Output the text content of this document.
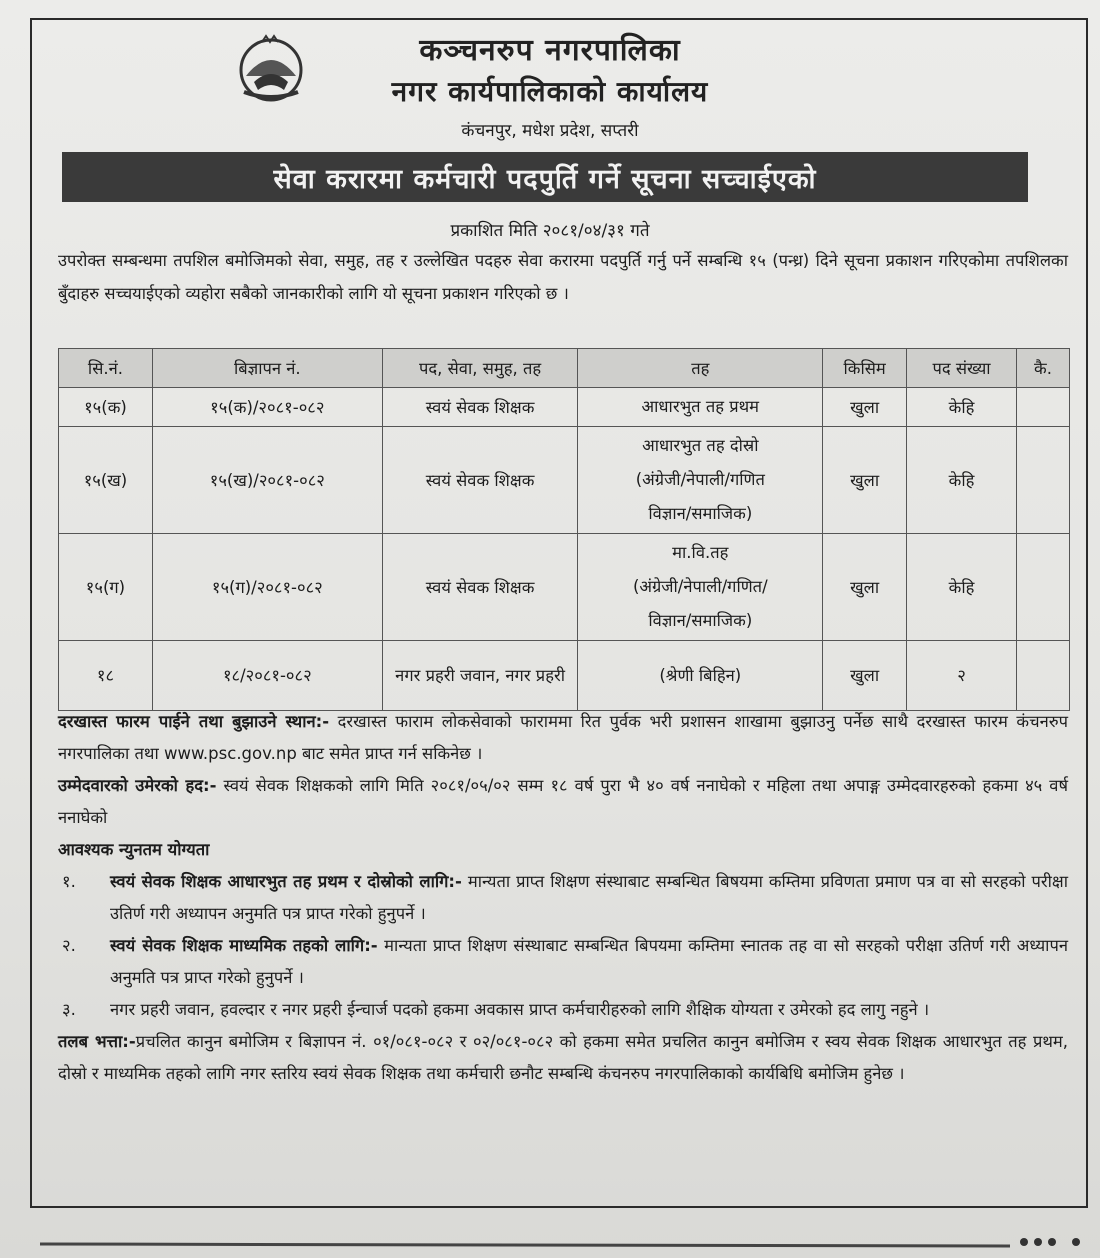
कञ्चनरुप नगरपालिका
नगर कार्यपालिकाको कार्यालय
कंचनपुर, मधेश प्रदेश, सप्तरी
सेवा करारमा कर्मचारी पदपुर्ति गर्ने सूचना सच्चाईएको
प्रकाशित मिति २०८१/०४/३१ गते
उपरोक्त सम्बन्धमा तपशिल बमोजिमको सेवा, समुह, तह र उल्लेखित पदहरु सेवा करारमा पदपुर्ति गर्नु पर्ने सम्बन्धि १५ (पन्ध्र) दिने सूचना प्रकाशन गरिएकोमा तपशिलका बुँदाहरु सच्चयाईएको व्यहोरा सबैको जानकारीको लागि यो सूचना प्रकाशन गरिएको छ ।
सि.नं.	बिज्ञापन नं.	पद, सेवा, समुह, तह	तह	किसिम	पद संख्या	कै.
१५(क)	१५(क)/२०८१-०८२	स्वयं सेवक शिक्षक	आधारभुत तह प्रथम	खुला	केहि	
१५(ख)	१५(ख)/२०८१-०८२	स्वयं सेवक शिक्षक	आधारभुत तह दोस्रो
(अंग्रेजी/नेपाली/गणित
विज्ञान/समाजिक)	खुला	केहि	
१५(ग)	१५(ग)/२०८१-०८२	स्वयं सेवक शिक्षक	मा.वि.तह
(अंग्रेजी/नेपाली/गणित/
विज्ञान/समाजिक)	खुला	केहि	
१८	१८/२०८१-०८२	नगर प्रहरी जवान, नगर प्रहरी	(श्रेणी बिहिन)	खुला	२	

दरखास्त फारम पाईने तथा बुझाउने स्थान:- दरखास्त फाराम लोकसेवाको फाराममा रित पुर्वक भरी प्रशासन शाखामा बुझाउनु पर्नेछ साथै दरखास्त फारम कंचनरुप नगरपालिका तथा www.psc.gov.np बाट समेत प्राप्त गर्न सकिनेछ ।

उम्मेदवारको उमेरको हद:- स्वयं सेवक शिक्षकको लागि मिति २०८१/०५/०२ सम्म १८ वर्ष पुरा भै ४० वर्ष ननाघेको र महिला तथा अपाङ्ग उम्मेदवारहरुको हकमा ४५ वर्ष ननाघेको

आवश्यक न्युनतम योग्यता

१. स्वयं सेवक शिक्षक आधारभुत तह प्रथम र दोस्रोको लागि:- मान्यता प्राप्त शिक्षण संस्थाबाट सम्बन्धित बिषयमा कम्तिमा प्रविणता प्रमाण पत्र वा सो सरहको परीक्षा उतिर्ण गरी अध्यापन अनुमति पत्र प्राप्त गरेको हुनुपर्ने ।
२. स्वयं सेवक शिक्षक माध्यमिक तहको लागि:- मान्यता प्राप्त शिक्षण संस्थाबाट सम्बन्धित बिपयमा कम्तिमा स्नातक तह वा सो सरहको परीक्षा उतिर्ण गरी अध्यापन अनुमति पत्र प्राप्त गरेको हुनुपर्ने ।
३. नगर प्रहरी जवान, हवल्दार र नगर प्रहरी ईन्चार्ज पदको हकमा अवकास प्राप्त कर्मचारीहरुको लागि शैक्षिक योग्यता र उमेरको हद लागु नहुने ।

तलब भत्ता:-प्रचलित कानुन बमोजिम र बिज्ञापन नं. ०१/०८१-०८२ र ०२/०८१-०८२ को हकमा समेत प्रचलित कानुन बमोजिम र स्वय सेवक शिक्षक आधारभुत तह प्रथम, दोस्रो र माध्यमिक तहको लागि नगर स्तरिय स्वयं सेवक शिक्षक तथा कर्मचारी छनौट सम्बन्धि कंचनरुप नगरपालिकाको कार्यबिधि बमोजिम हुनेछ ।
